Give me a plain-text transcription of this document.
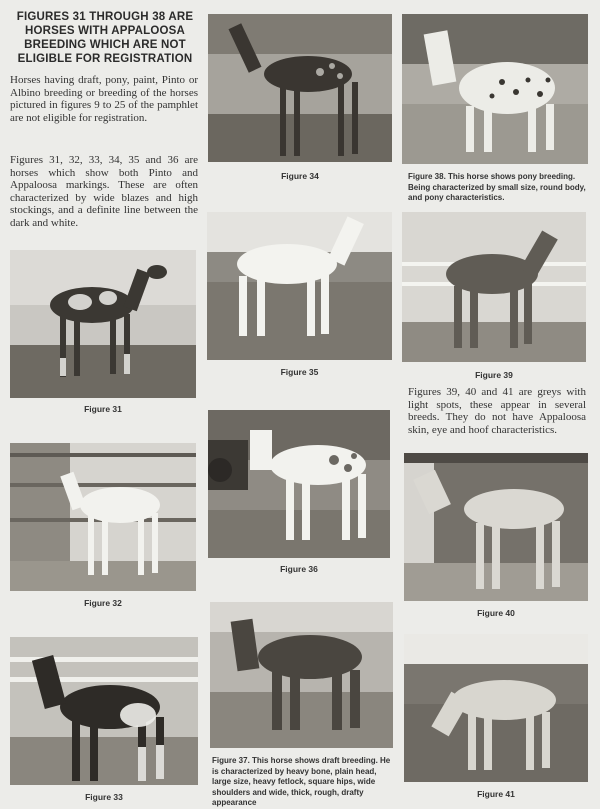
FIGURES 31 THROUGH 38 ARE HORSES WITH APPALOOSA BREEDING WHICH ARE NOT ELIGIBLE FOR REGISTRATION
Horses having draft, pony, paint, Pinto or Albino breeding or breeding of the horses pictured in figures 9 to 25 of the pamphlet are not eligible for registration.
Figures 31, 32, 33, 34, 35 and 36 are horses which show both Pinto and Appaloosa markings. These are often characterized by wide blazes and high stockings, and a definite line between the dark and white.
Figure 31
Figure 32
Figure 33
Figure 34
Figure 35
Figure 36
Figure 37. This horse shows draft breeding. He is characterized by heavy bone, plain head, large size, heavy fetlock, square hips, wide shoulders and wide, thick, rough, drafty appearance
Figure 38. This horse shows pony breeding. Being characterized by small size, round body, and pony characteristics.
Figure 39
Figures 39, 40 and 41 are greys with light spots, these appear in several breeds. They do not have Appaloosa skin, eye and hoof characteristics.
Figure 40
Figure 41
